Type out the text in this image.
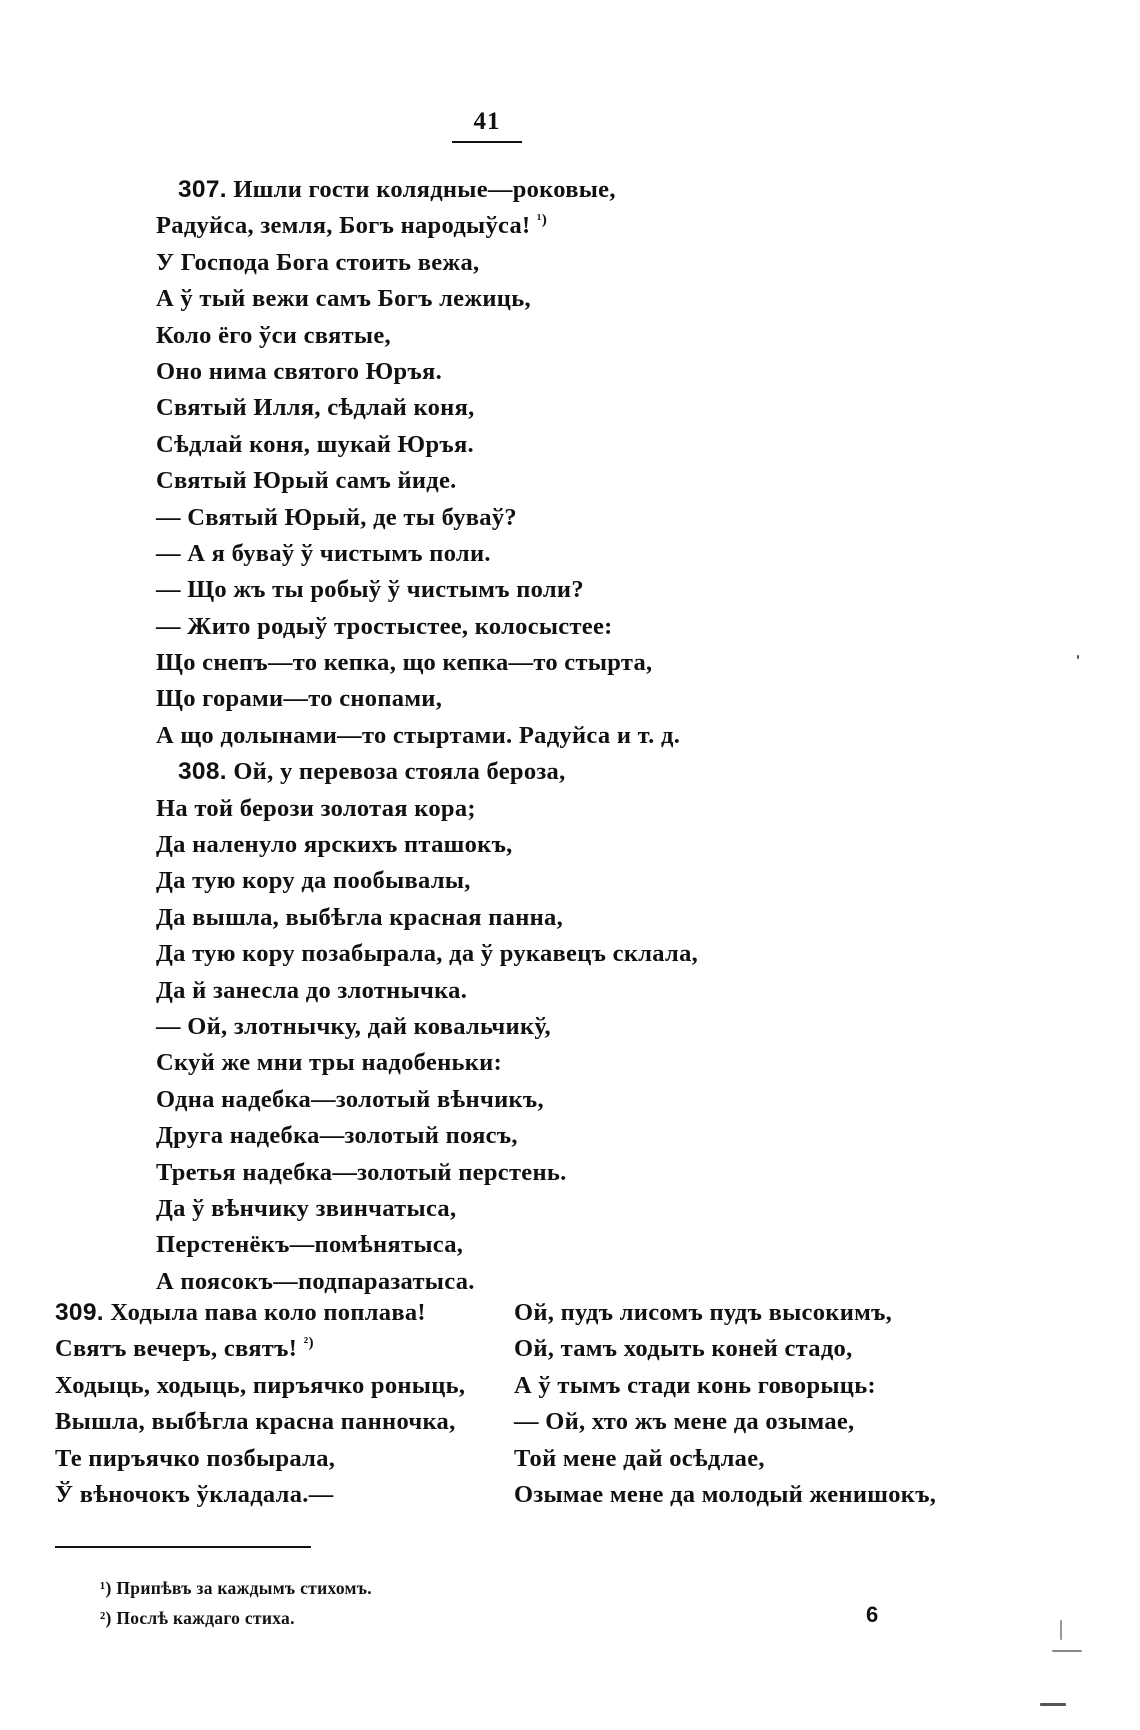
41
307. Ишли гости колядные—роковые,
Радуйса, земля, Богъ народыўса! $^{^1)}$
У Господа Бога стоить вежа,
А ў тый вежи самъ Богъ лежиць,
Коло ёго ўси святые,
Оно нима святого Юръя.
Святый Илля, сѣдлай коня,
Сѣдлай коня, шукай Юръя.
Святый Юрый самъ йиде.
— Святый Юрый, де ты буваў?
— А я буваў ў чистымъ поли.
— Що жъ ты робыў ў чистымъ поли?
— Жито родыў тростыстее, колосыстее:
Що снепъ—то кепка, що кепка—то стырта,
Що горами—то снопами,
А що долынами—то стыртами. Радуйса и т. д.
308. Ой, у перевоза стояла бероза,
На той берози золотая кора;
Да наленуло ярскихъ пташокъ,
Да тую кору да пообывалы,
Да вышла, выбѣгла красная панна,
Да тую кору позабырала, да ў рукавецъ склала,
Да й занесла до злотнычка.
— Ой, злотнычку, дай ковальчикў,
Скуй же мни тры надобеньки:
Одна надебка—золотый вѣнчикъ,
Друга надебка—золотый поясъ,
Третья надебка—золотый перстень.
Да ў вѣнчику звинчатыса,
Перстенёкъ—помѣнятыса,
А поясокъ—подпаразатыса.
309. Ходыла пава коло поплава!
Святъ вечеръ, святъ! $^{^2)}$
Ходыць, ходыць, пиръячко роныць,
Вышла, выбѣгла красна панночка,
Те пиръячко позбырала,
Ў вѣночокъ ўкладала.—
Ой, пудъ лисомъ пудъ высокимъ,
Ой, тамъ ходыть коней стадо,
А ў тымъ стади конь говорыць:
— Ой, хто жъ мене да озымае,
Той мене дай осѣдлае,
Озымае мене да молодый женишокъ,
¹) Припѣвъ за каждымъ стихомъ.
²) Послѣ каждаго стиха.	6
